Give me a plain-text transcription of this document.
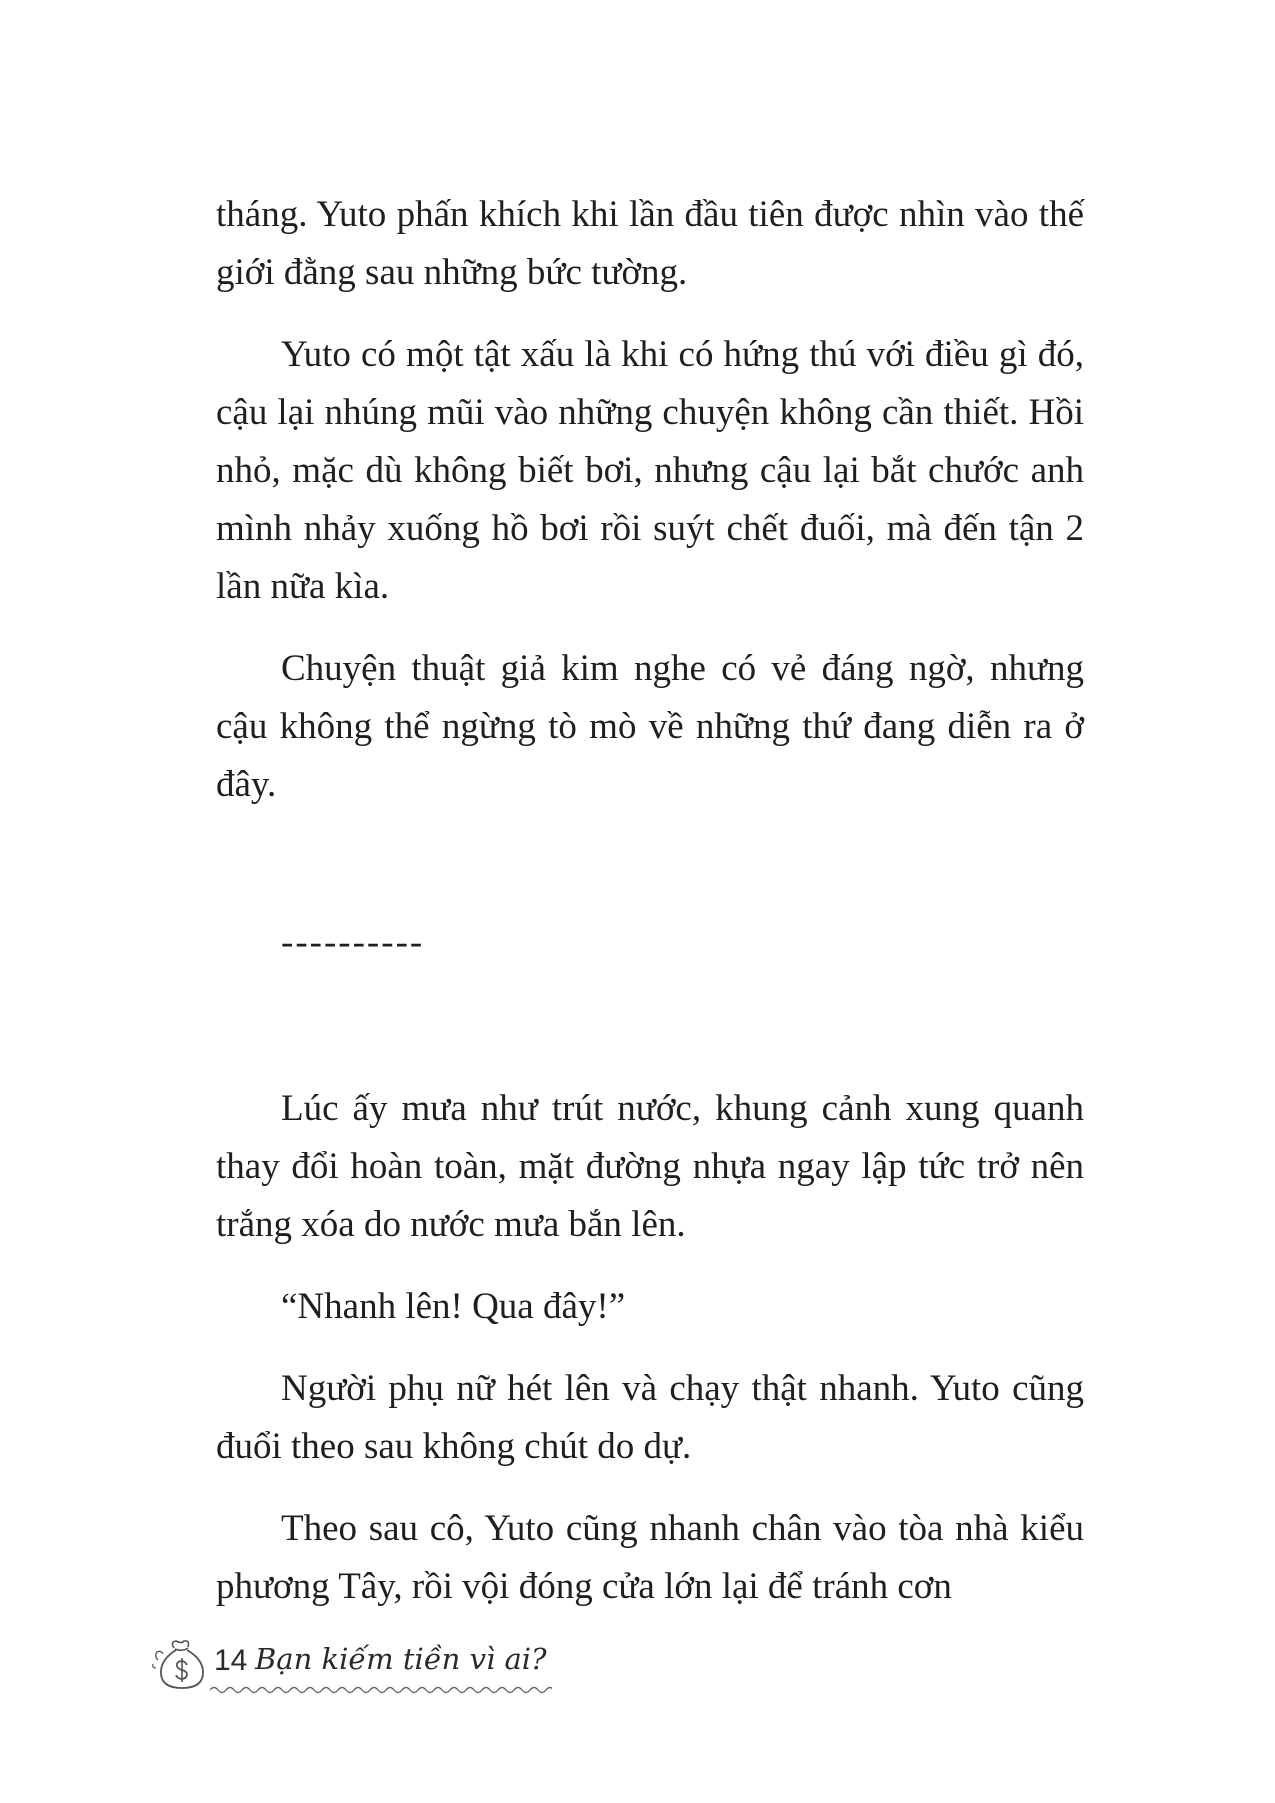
tháng. Yuto phấn khích khi lần đầu tiên được nhìn vào thế giới đằng sau những bức tường.

Yuto có một tật xấu là khi có hứng thú với điều gì đó, cậu lại nhúng mũi vào những chuyện không cần thiết. Hồi nhỏ, mặc dù không biết bơi, nhưng cậu lại bắt chước anh mình nhảy xuống hồ bơi rồi suýt chết đuối, mà đến tận 2 lần nữa kìa.

Chuyện thuật giả kim nghe có vẻ đáng ngờ, nhưng cậu không thể ngừng tò mò về những thứ đang diễn ra ở đây.

----------

Lúc ấy mưa như trút nước, khung cảnh xung quanh thay đổi hoàn toàn, mặt đường nhựa ngay lập tức trở nên trắng xóa do nước mưa bắn lên.

“Nhanh lên! Qua đây!”

Người phụ nữ hét lên và chạy thật nhanh. Yuto cũng đuổi theo sau không chút do dự.

Theo sau cô, Yuto cũng nhanh chân vào tòa nhà kiểu phương Tây, rồi vội đóng cửa lớn lại để tránh cơn

14 Bạn kiếm tiền vì ai?
